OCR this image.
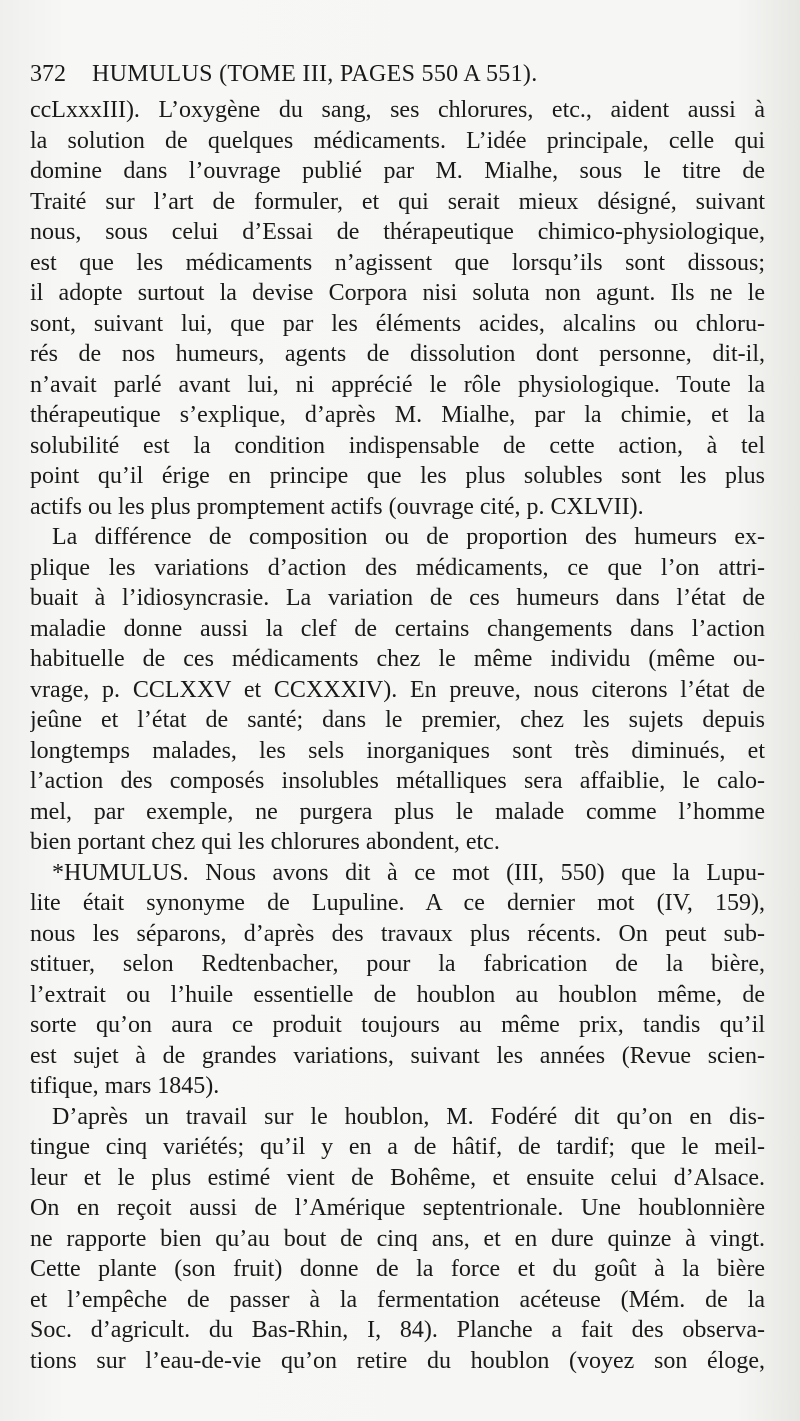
372 HUMULUS (TOME III, PAGES 550 A 551).
ccLxxxIII). L’oxygène du sang, ses chlorures, etc., aident aussi à
la solution de quelques médicaments. L’idée principale, celle qui
domine dans l’ouvrage publié par M. Mialhe, sous le titre de
Traité sur l’art de formuler, et qui serait mieux désigné, suivant
nous, sous celui d’Essai de thérapeutique chimico-physiologique,
est que les médicaments n’agissent que lorsqu’ils sont dissous;
il adopte surtout la devise Corpora nisi soluta non agunt. Ils ne le
sont, suivant lui, que par les éléments acides, alcalins ou chloru-
rés de nos humeurs, agents de dissolution dont personne, dit-il,
n’avait parlé avant lui, ni apprécié le rôle physiologique. Toute la
thérapeutique s’explique, d’après M. Mialhe, par la chimie, et la
solubilité est la condition indispensable de cette action, à tel
point qu’il érige en principe que les plus solubles sont les plus
actifs ou les plus promptement actifs (ouvrage cité, p. CXLVII).
La différence de composition ou de proportion des humeurs ex-
plique les variations d’action des médicaments, ce que l’on attri-
buait à l’idiosyncrasie. La variation de ces humeurs dans l’état de
maladie donne aussi la clef de certains changements dans l’action
habituelle de ces médicaments chez le même individu (même ou-
vrage, p. CCLXXV et CCXXXIV). En preuve, nous citerons l’état de
jeûne et l’état de santé; dans le premier, chez les sujets depuis
longtemps malades, les sels inorganiques sont très diminués, et
l’action des composés insolubles métalliques sera affaiblie, le calo-
mel, par exemple, ne purgera plus le malade comme l’homme
bien portant chez qui les chlorures abondent, etc.
*HUMULUS. Nous avons dit à ce mot (III, 550) que la Lupu-
lite était synonyme de Lupuline. A ce dernier mot (IV, 159),
nous les séparons, d’après des travaux plus récents. On peut sub-
stituer, selon Redtenbacher, pour la fabrication de la bière,
l’extrait ou l’huile essentielle de houblon au houblon même, de
sorte qu’on aura ce produit toujours au même prix, tandis qu’il
est sujet à de grandes variations, suivant les années (Revue scien-
tifique, mars 1845).
D’après un travail sur le houblon, M. Fodéré dit qu’on en dis-
tingue cinq variétés; qu’il y en a de hâtif, de tardif; que le meil-
leur et le plus estimé vient de Bohême, et ensuite celui d’Alsace.
On en reçoit aussi de l’Amérique septentrionale. Une houblonnière
ne rapporte bien qu’au bout de cinq ans, et en dure quinze à vingt.
Cette plante (son fruit) donne de la force et du goût à la bière
et l’empêche de passer à la fermentation acéteuse (Mém. de la
Soc. d’agricult. du Bas-Rhin, I, 84). Planche a fait des observa-
tions sur l’eau-de-vie qu’on retire du houblon (voyez son éloge,
